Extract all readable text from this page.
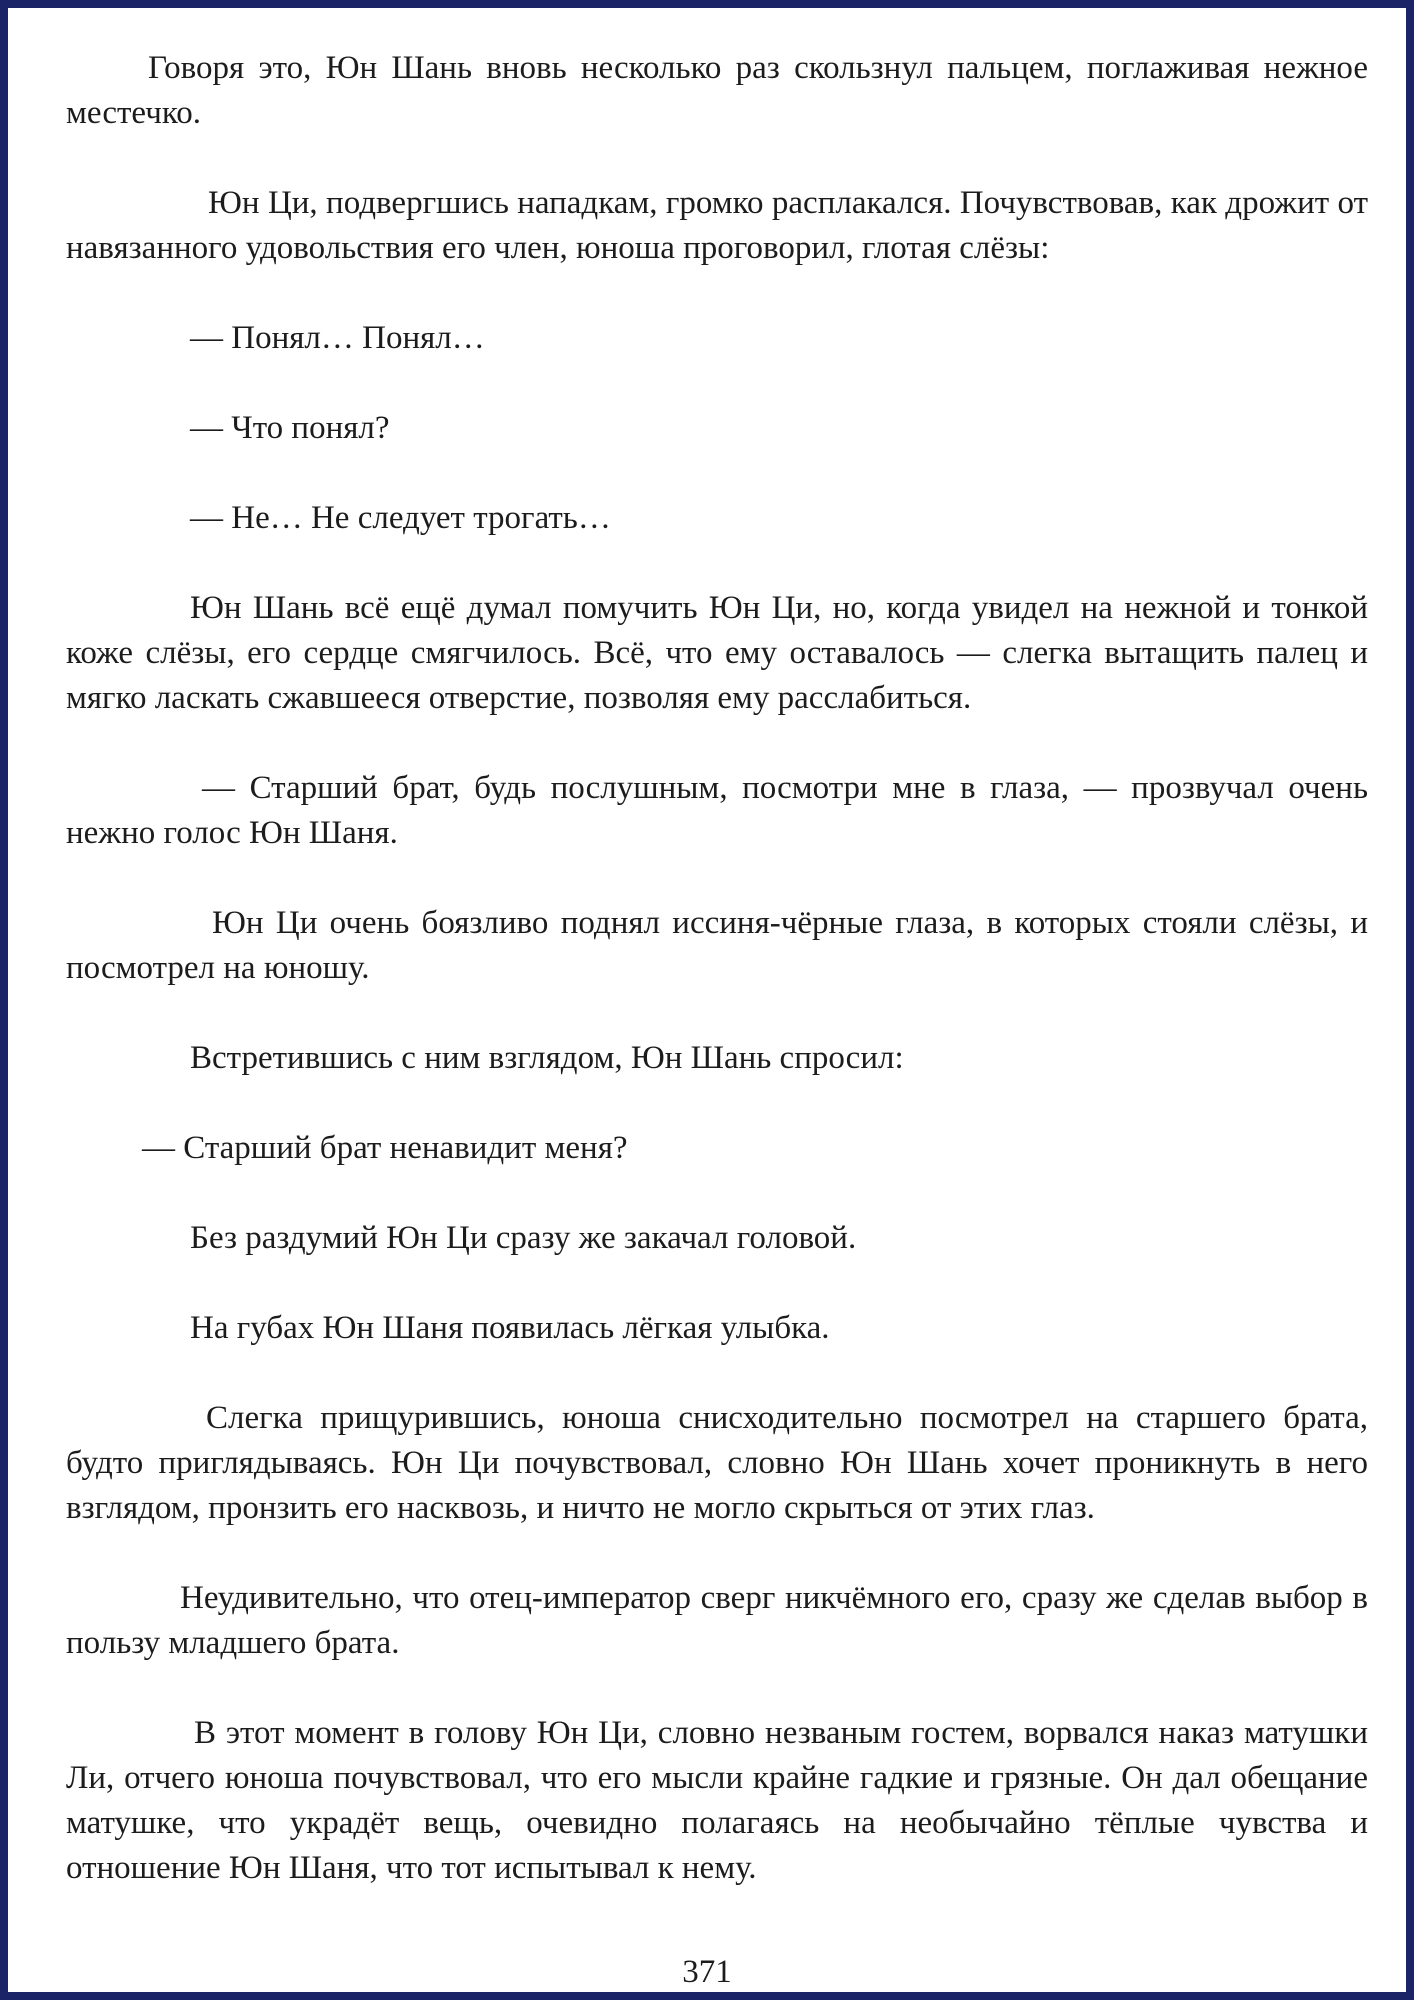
Говоря это, Юн Шань вновь несколько раз скользнул пальцем, поглаживая нежное местечко.

Юн Ци, подвергшись нападкам, громко расплакался. Почувствовав, как дрожит от навязанного удовольствия его член, юноша проговорил, глотая слёзы:

— Понял… Понял…

— Что понял?

— Не… Не следует трогать…

Юн Шань всё ещё думал помучить Юн Ци, но, когда увидел на нежной и тонкой коже слёзы, его сердце смягчилось. Всё, что ему оставалось — слегка вытащить палец и мягко ласкать сжавшееся отверстие, позволяя ему расслабиться.

— Старший брат, будь послушным, посмотри мне в глаза, — прозвучал очень нежно голос Юн Шаня.

Юн Ци очень боязливо поднял иссиня-чёрные глаза, в которых стояли слёзы, и посмотрел на юношу.

Встретившись с ним взглядом, Юн Шань спросил:

— Старший брат ненавидит меня?

Без раздумий Юн Ци сразу же закачал головой.

На губах Юн Шаня появилась лёгкая улыбка.

Слегка прищурившись, юноша снисходительно посмотрел на старшего брата, будто приглядываясь. Юн Ци почувствовал, словно Юн Шань хочет проникнуть в него взглядом, пронзить его насквозь, и ничто не могло скрыться от этих глаз.

Неудивительно, что отец-император сверг никчёмного его, сразу же сделав выбор в пользу младшего брата.

В этот момент в голову Юн Ци, словно незваным гостем, ворвался наказ матушки Ли, отчего юноша почувствовал, что его мысли крайне гадкие и грязные. Он дал обещание матушке, что украдёт вещь, очевидно полагаясь на необычайно тёплые чувства и отношение Юн Шаня, что тот испытывал к нему.

371
